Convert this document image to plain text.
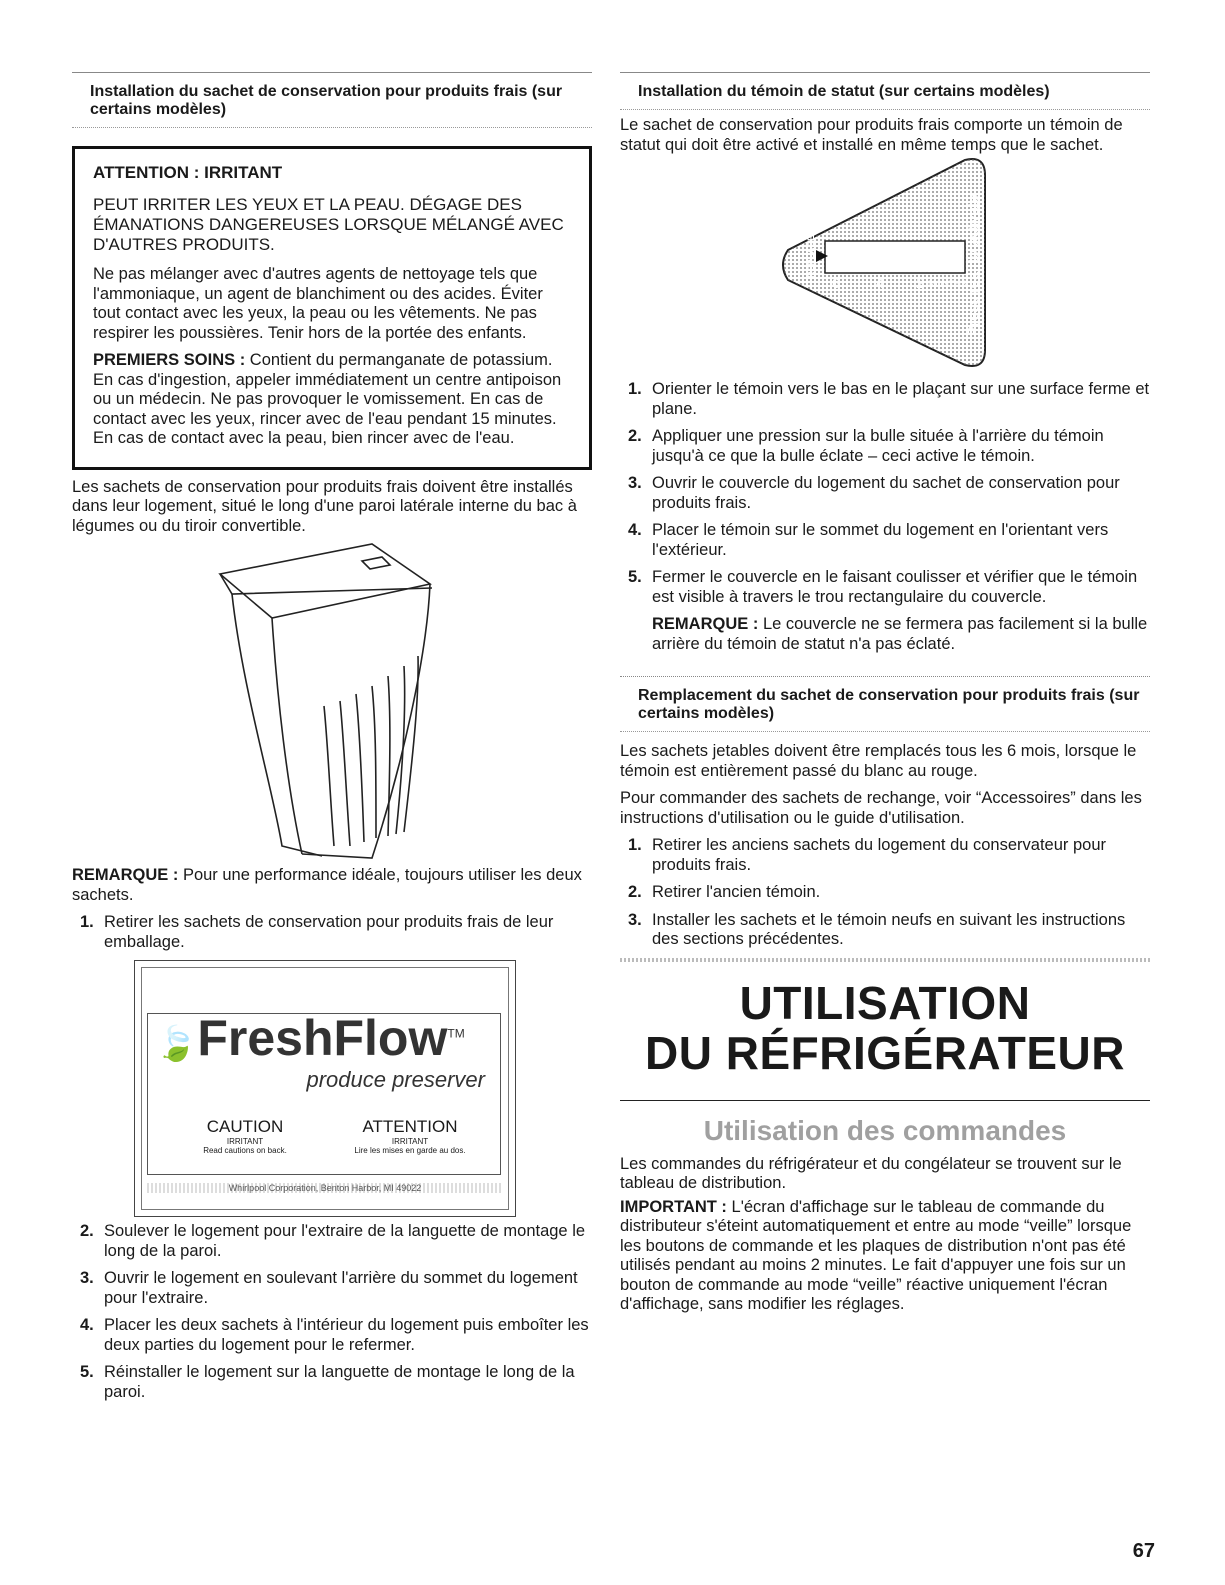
Installation du sachet de conservation pour produits frais (sur certains modèles)
ATTENTION : IRRITANT
PEUT IRRITER LES YEUX ET LA PEAU. DÉGAGE DES ÉMANATIONS DANGEREUSES LORSQUE MÉLANGÉ AVEC D'AUTRES PRODUITS.

Ne pas mélanger avec d'autres agents de nettoyage tels que l'ammoniaque, un agent de blanchiment ou des acides. Éviter tout contact avec les yeux, la peau ou les vêtements. Ne pas respirer les poussières. Tenir hors de la portée des enfants.

PREMIERS SOINS : Contient du permanganate de potassium. En cas d'ingestion, appeler immédiatement un centre antipoison ou un médecin. Ne pas provoquer le vomissement. En cas de contact avec les yeux, rincer avec de l'eau pendant 15 minutes. En cas de contact avec la peau, bien rincer avec de l'eau.

Les sachets de conservation pour produits frais doivent être installés dans leur logement, situé le long d'une paroi latérale interne du bac à légumes ou du tiroir convertible.

REMARQUE : Pour une performance idéale, toujours utiliser les deux sachets.

1. Retirer les sachets de conservation pour produits frais de leur emballage.
🍃FreshFlow™
produce preserver
CAUTION
IRRITANT
Read cautions on back.
ATTENTION
IRRITANT
Lire les mises en garde au dos.
Whirlpool Corporation, Benton Harbor, MI 49022
2. Soulever le logement pour l'extraire de la languette de montage le long de la paroi.
3. Ouvrir le logement en soulevant l'arrière du sommet du logement pour l'extraire.
4. Placer les deux sachets à l'intérieur du logement puis emboîter les deux parties du logement pour le refermer.
5. Réinstaller le logement sur la languette de montage le long de la paroi.
Installation du témoin de statut (sur certains modèles)

Le sachet de conservation pour produits frais comporte un témoin de statut qui doit être activé et installé en même temps que le sachet.

Press rear to activate
REPLACE
6 4 2 MONTHS
1. Orienter le témoin vers le bas en le plaçant sur une surface ferme et plane.
2. Appliquer une pression sur la bulle située à l'arrière du témoin jusqu'à ce que la bulle éclate – ceci active le témoin.
3. Ouvrir le couvercle du logement du sachet de conservation pour produits frais.
4. Placer le témoin sur le sommet du logement en l'orientant vers l'extérieur.
5. Fermer le couvercle en le faisant coulisser et vérifier que le témoin est visible à travers le trou rectangulaire du couvercle.

REMARQUE : Le couvercle ne se fermera pas facilement si la bulle arrière du témoin de statut n'a pas éclaté.

Remplacement du sachet de conservation pour produits frais (sur certains modèles)

Les sachets jetables doivent être remplacés tous les 6 mois, lorsque le témoin est entièrement passé du blanc au rouge.

Pour commander des sachets de rechange, voir “Accessoires” dans les instructions d'utilisation ou le guide d'utilisation.

1. Retirer les anciens sachets du logement du conservateur pour produits frais.
2. Retirer l'ancien témoin.
3. Installer les sachets et le témoin neufs en suivant les instructions des sections précédentes.
UTILISATION
DU RÉFRIGÉRATEUR
Utilisation des commandes

Les commandes du réfrigérateur et du congélateur se trouvent sur le tableau de distribution.

IMPORTANT : L'écran d'affichage sur le tableau de commande du distributeur s'éteint automatiquement et entre au mode “veille” lorsque les boutons de commande et les plaques de distribution n'ont pas été utilisés pendant au moins 2 minutes. Le fait d'appuyer une fois sur un bouton de commande au mode “veille” réactive uniquement l'écran d'affichage, sans modifier les réglages.

67
